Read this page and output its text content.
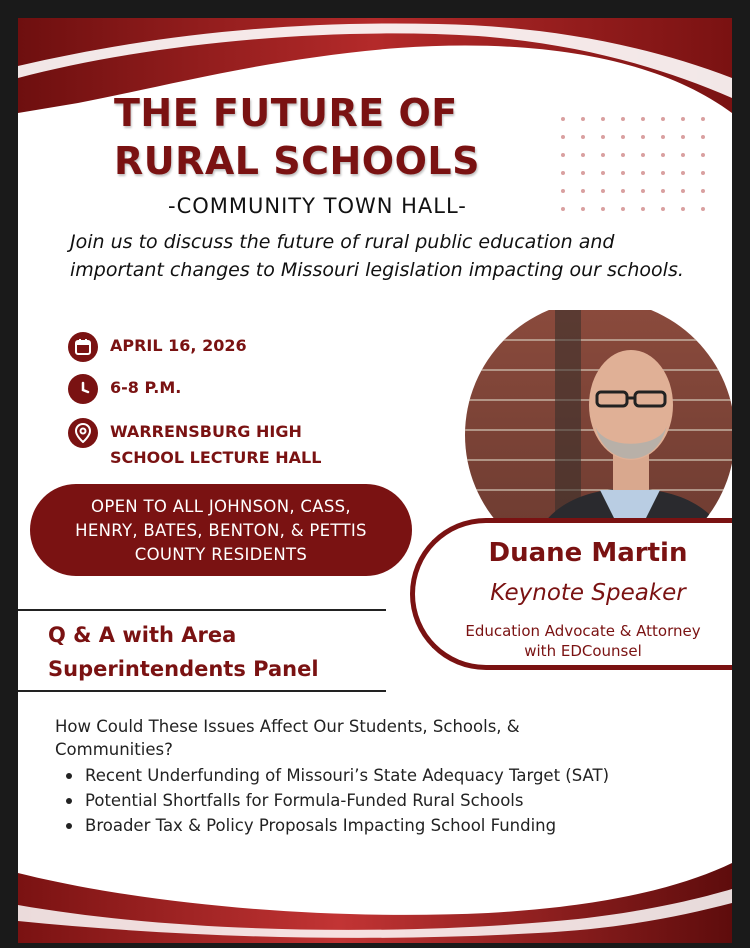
THE FUTURE OF
RURAL SCHOOLS
-COMMUNITY TOWN HALL-
Join us to discuss the future of rural public education and important changes to Missouri legislation impacting our schools.
APRIL 16, 2026
6-8 P.M.
WARRENSBURG HIGH
SCHOOL LECTURE HALL
OPEN TO ALL JOHNSON, CASS,
HENRY, BATES, BENTON, & PETTIS
COUNTY RESIDENTS
Q & A with Area
Superintendents Panel
Duane Martin
Keynote Speaker
Education Advocate & Attorney
with EDCounsel
How Could These Issues Affect Our Students, Schools, &
Communities?
Recent Underfunding of Missouri’s State Adequacy Target (SAT)
Potential Shortfalls for Formula-Funded Rural Schools
Broader Tax & Policy Proposals Impacting School Funding
